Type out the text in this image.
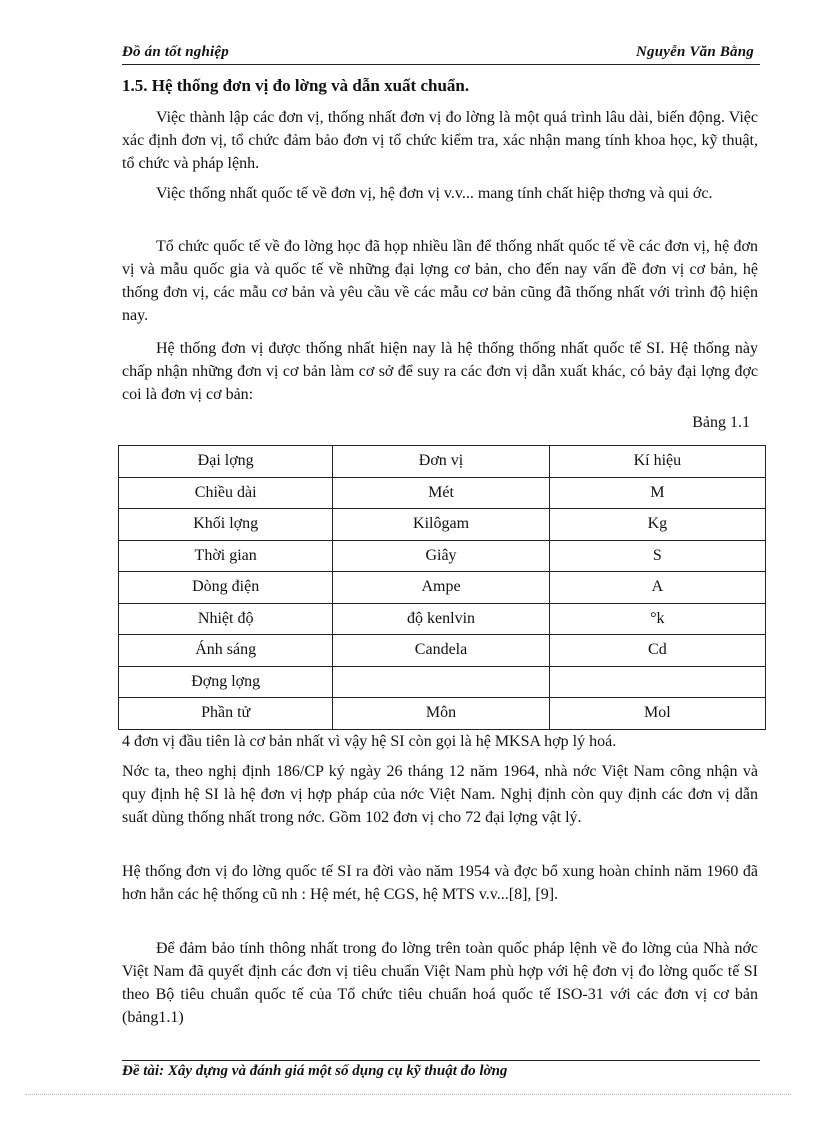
Đồ án tốt nghiệp	Nguyễn Văn Bằng
1.5. Hệ thống đơn vị đo lờng và dẫn xuất chuẩn.

Việc thành lập các đơn vị, thống nhất đơn vị đo lờng là một quá trình lâu dài, biến động. Việc xác định đơn vị, tổ chức đảm bảo đơn vị tổ chức kiểm tra, xác nhận mang tính khoa học, kỹ thuật, tổ chức và pháp lệnh.

Việc thống nhất quốc tế về đơn vị, hệ đơn vị v.v... mang tính chất hiệp thơng và qui ớc.

Tổ chức quốc tế về đo lờng học đã họp nhiều lần để thống nhất quốc tế về các đơn vị, hệ đơn vị và mẫu quốc gia và quốc tế về những đại lợng cơ bản, cho đến nay vấn đề đơn vị cơ bản, hệ thống đơn vị, các mẫu cơ bản và yêu cầu về các mẫu cơ bản cũng đã thống nhất với trình độ hiện nay.

Hệ thống đơn vị được thống nhất hiện nay là hệ thống thống nhất quốc tế SI. Hệ thống này chấp nhận những đơn vị cơ bản làm cơ sở để suy ra các đơn vị dẫn xuất khác, có bảy đại lợng đợc coi là đơn vị cơ bản:

Bảng 1.1
Đại lợng	Đơn vị	Kí hiệu
Chiều dài	Mét	M
Khối lợng	Kilôgam	Kg
Thời gian	Giây	S
Dòng điện	Ampe	A
Nhiệt độ	độ kenlvin	°k
Ánh sáng	Candela	Cd
Đợng lợng		
Phần tử	Môn	Mol

4 đơn vị đầu tiên là cơ bản nhất vì vậy hệ SI còn gọi là hệ MKSA hợp lý hoá.

Nớc ta, theo nghị định 186/CP ký ngày 26 tháng 12 năm 1964, nhà nớc Việt Nam công nhận và quy định hệ SI là hệ đơn vị hợp pháp của nớc Việt Nam. Nghị định còn quy định các đơn vị dẫn suất dùng thống nhất trong nớc. Gồm 102 đơn vị cho 72 đại lợng vật lý.

Hệ thống đơn vị đo lờng quốc tế SI ra đời vào năm 1954 và đợc bổ xung hoàn chỉnh năm 1960 đã hơn hẳn các hệ thống cũ nh : Hệ mét, hệ CGS, hệ MTS v.v...[8], [9].

Để đảm bảo tính thông nhất trong đo lờng trên toàn quốc pháp lệnh về đo lờng của Nhà nớc Việt Nam đã quyết định các đơn vị tiêu chuẩn Việt Nam phù hợp với hệ đơn vị đo lờng quốc tế SI theo Bộ tiêu chuẩn quốc tế của Tổ chức tiêu chuẩn hoá quốc tế ISO-31 với các đơn vị cơ bản (bảng1.1)

Đề tài: Xây dựng và đánh giá một số dụng cụ kỹ thuật đo lờng
